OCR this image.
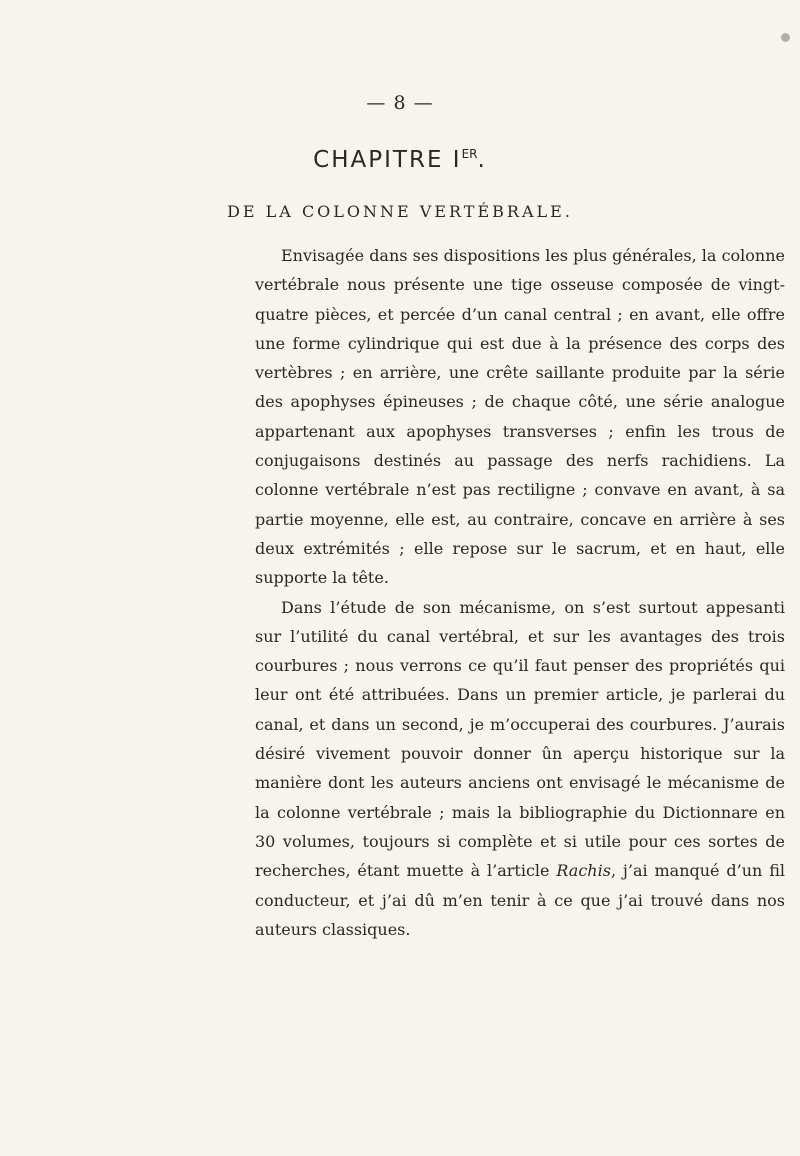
— 8 —
CHAPITRE IER.
DE LA COLONNE VERTÉBRALE.

Envisagée dans ses dispositions les plus générales, la colonne vertébrale nous présente une tige osseuse composée de vingt-quatre pièces, et percée d’un canal central ; en avant, elle offre une forme cylindrique qui est due à la présence des corps des vertèbres ; en arrière, une crête saillante produite par la série des apophyses épineuses ; de chaque côté, une série analogue appartenant aux apophyses transverses ; enfin les trous de conjugaisons destinés au passage des nerfs rachidiens. La colonne vertébrale n’est pas rectiligne ; convave en avant, à sa partie moyenne, elle est, au contraire, concave en arrière à ses deux extrémités ; elle repose sur le sacrum, et en haut, elle supporte la tête.

Dans l’étude de son mécanisme, on s’est surtout appesanti sur l’utilité du canal vertébral, et sur les avantages des trois courbures ; nous verrons ce qu’il faut penser des propriétés qui leur ont été attribuées. Dans un premier article, je parlerai du canal, et dans un second, je m’occuperai des courbures. J’aurais désiré vivement pouvoir donner ûn aperçu historique sur la manière dont les auteurs anciens ont envisagé le mécanisme de la colonne vertébrale ; mais la bibliographie du Dictionnare en 30 volumes, toujours si complète et si utile pour ces sortes de recherches, étant muette à l’article Rachis, j’ai manqué d’un fil conducteur, et j’ai dû m’en tenir à ce que j’ai trouvé dans nos auteurs classiques.
